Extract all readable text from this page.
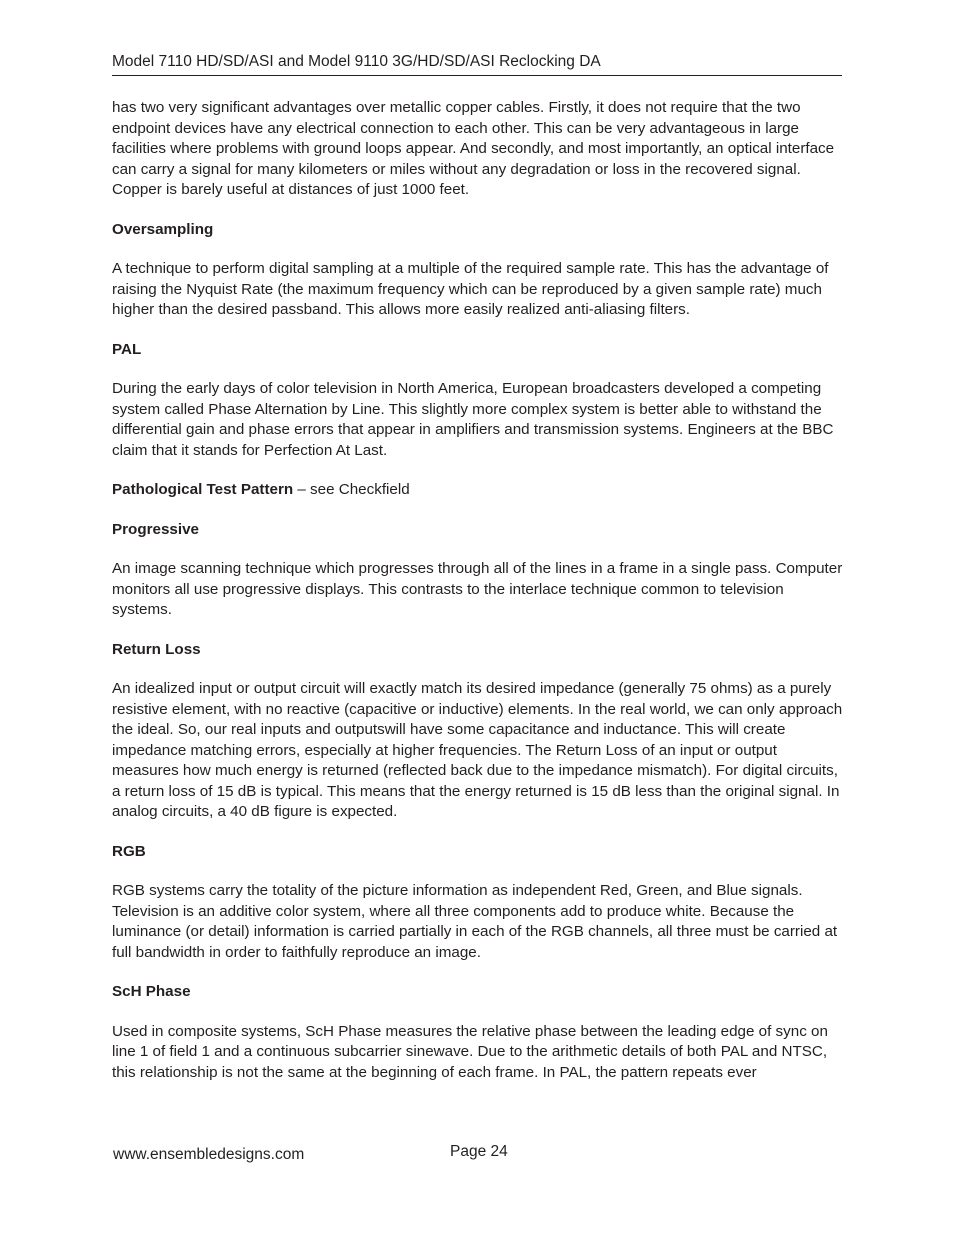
Model 7110 HD/SD/ASI and Model 9110 3G/HD/SD/ASI Reclocking DA

has two very significant advantages over metallic copper cables. Firstly, it does not require that the two endpoint devices have any electrical connection to each other. This can be very advantageous in large facilities where problems with ground loops appear. And secondly, and most importantly, an optical interface can carry a signal for many kilometers or miles without any degradation or loss in the recovered signal. Copper is barely useful at distances of just 1000 feet.

Oversampling

A technique to perform digital sampling at a multiple of the required sample rate. This has the advantage of raising the Nyquist Rate (the maximum frequency which can be reproduced by a given sample rate) much higher than the desired passband. This allows more easily realized anti-aliasing filters.

PAL

During the early days of color television in North America, European broadcasters developed a competing system called Phase Alternation by Line. This slightly more complex system is better able to withstand the differential gain and phase errors that appear in amplifiers and transmission systems. Engineers at the BBC claim that it stands for Perfection At Last.

Pathological Test Pattern – see Checkfield

Progressive

An image scanning technique which progresses through all of the lines in a frame in a single pass. Computer monitors all use progressive displays. This contrasts to the interlace technique common to television systems.

Return Loss

An idealized input or output circuit will exactly match its desired impedance (generally 75 ohms) as a purely resistive element, with no reactive (capacitive or inductive) elements. In the real world, we can only approach the ideal. So, our real inputs and outputswill have some capacitance and inductance. This will create impedance matching errors, especially at higher frequencies. The Return Loss of an input or output measures how much energy is returned (reflected back due to the impedance mismatch). For digital circuits, a return loss of 15 dB is typical. This means that the energy returned is 15 dB less than the original signal. In analog circuits, a 40 dB figure is expected.

RGB

RGB systems carry the totality of the picture information as independent Red, Green, and Blue signals. Television is an additive color system, where all three components add to produce white. Because the luminance (or detail) information is carried partially in each of the RGB channels, all three must be carried at full bandwidth in order to faithfully reproduce an image.

ScH Phase

Used in composite systems, ScH Phase measures the relative phase between the leading edge of sync on line 1 of field 1 and a continuous subcarrier sinewave. Due to the arithmetic details of both PAL and NTSC, this relationship is not the same at the beginning of each frame. In PAL, the pattern repeats ever

www.ensembledesigns.com	Page 24
